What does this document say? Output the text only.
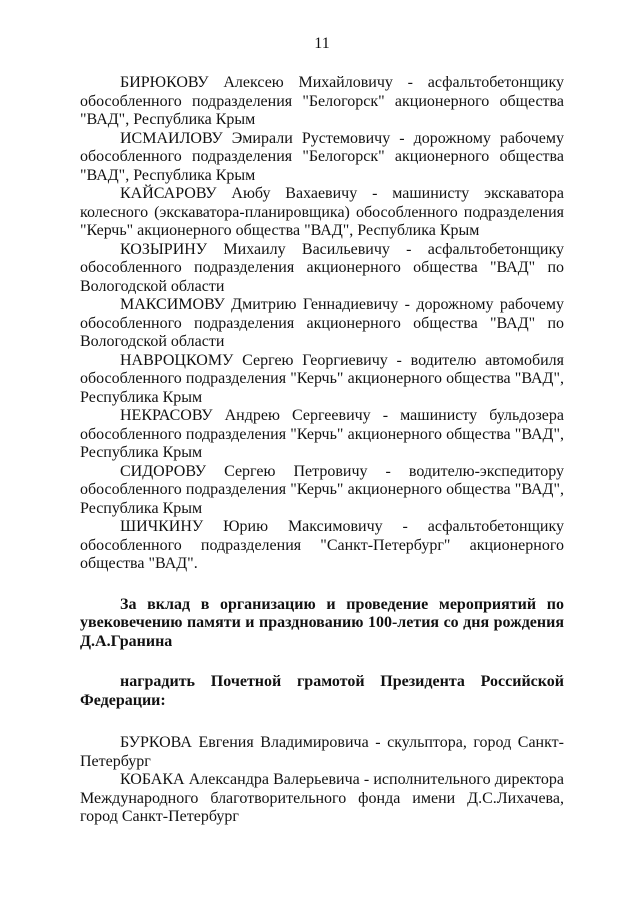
11

БИРЮКОВУ Алексею Михайловичу - асфальтобетонщику обособленного подразделения "Белогорск" акционерного общества "ВАД", Республика Крым

ИСМАИЛОВУ Эмирали Рустемовичу - дорожному рабочему обособленного подразделения "Белогорск" акционерного общества "ВАД", Республика Крым

КАЙСАРОВУ Аюбу Вахаевичу - машинисту экскаватора колесного (экскаватора-планировщика) обособленного подразделения "Керчь" акционерного общества "ВАД", Республика Крым

КОЗЫРИНУ Михаилу Васильевичу - асфальтобетонщику обособленного подразделения акционерного общества "ВАД" по Вологодской области

МАКСИМОВУ Дмитрию Геннадиевичу - дорожному рабочему обособленного подразделения акционерного общества "ВАД" по Вологодской области

НАВРОЦКОМУ Сергею Георгиевичу - водителю автомобиля обособленного подразделения "Керчь" акционерного общества "ВАД", Республика Крым

НЕКРАСОВУ Андрею Сергеевичу - машинисту бульдозера обособленного подразделения "Керчь" акционерного общества "ВАД", Республика Крым

СИДОРОВУ Сергею Петровичу - водителю-экспедитору обособленного подразделения "Керчь" акционерного общества "ВАД", Республика Крым

ШИЧКИНУ Юрию Максимовичу - асфальтобетонщику обособленного подразделения "Санкт-Петербург" акционерного общества "ВАД".

За вклад в организацию и проведение мероприятий по увековечению памяти и празднованию 100-летия со дня рождения Д.А.Гранина

наградить Почетной грамотой Президента Российской Федерации:

БУРКОВА Евгения Владимировича - скульптора, город Санкт-Петербург

КОБАКА Александра Валерьевича - исполнительного директора Международного благотворительного фонда имени Д.С.Лихачева, город Санкт-Петербург
